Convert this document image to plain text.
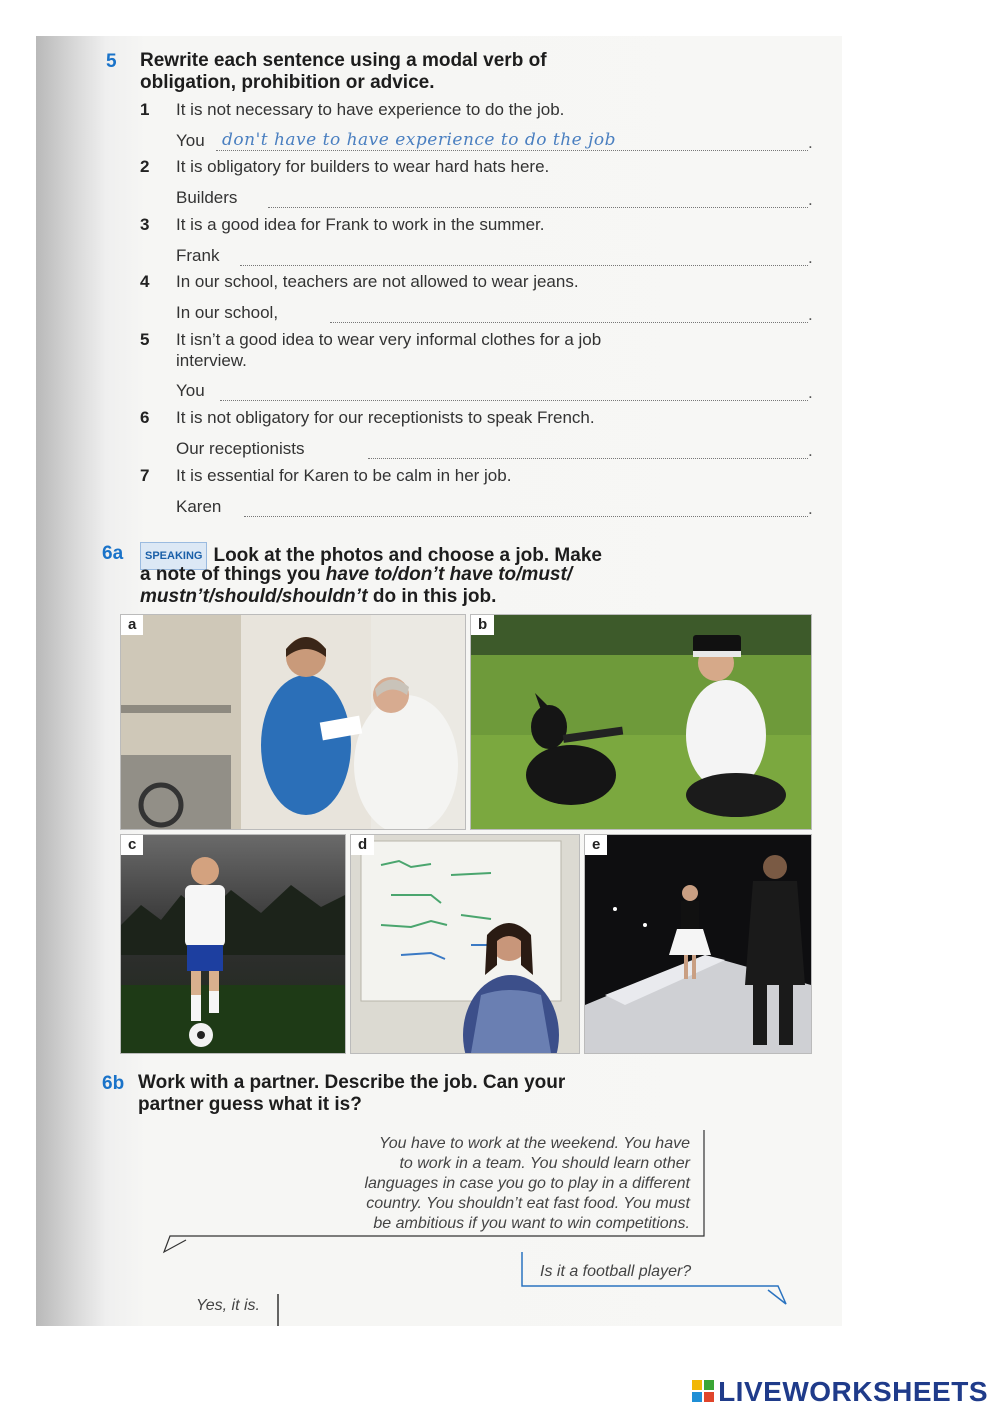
5 Rewrite each sentence using a modal verb of
obligation, prohibition or advice.
1 It is not necessary to have experience to do the job.
You don't have to have experience to do the job	.
2 It is obligatory for builders to wear hard hats here.
Builders	.
3 It is a good idea for Frank to work in the summer.
Frank	.
4 In our school, teachers are not allowed to wear jeans.
In our school,	.
5 It isn’t a good idea to wear very informal clothes for a job
interview.
You	.
6 It is not obligatory for our receptionists to speak French.
Our receptionists	.
7 It is essential for Karen to be calm in her job.
Karen	.
6a	SPEAKING Look at the photos and choose a job. Make
a note of things you have to/don’t have to/must/
mustn’t/should/shouldn’t do in this job.
a	b
c	d	e
6b Work with a partner. Describe the job. Can your
partner guess what it is?
You have to work at the weekend. You have
to work in a team. You should learn other
languages in case you go to play in a different
country. You shouldn’t eat fast food. You must
be ambitious if you want to win competitions.
Is it a football player?
Yes, it is.
LIVEWORKSHEETS
